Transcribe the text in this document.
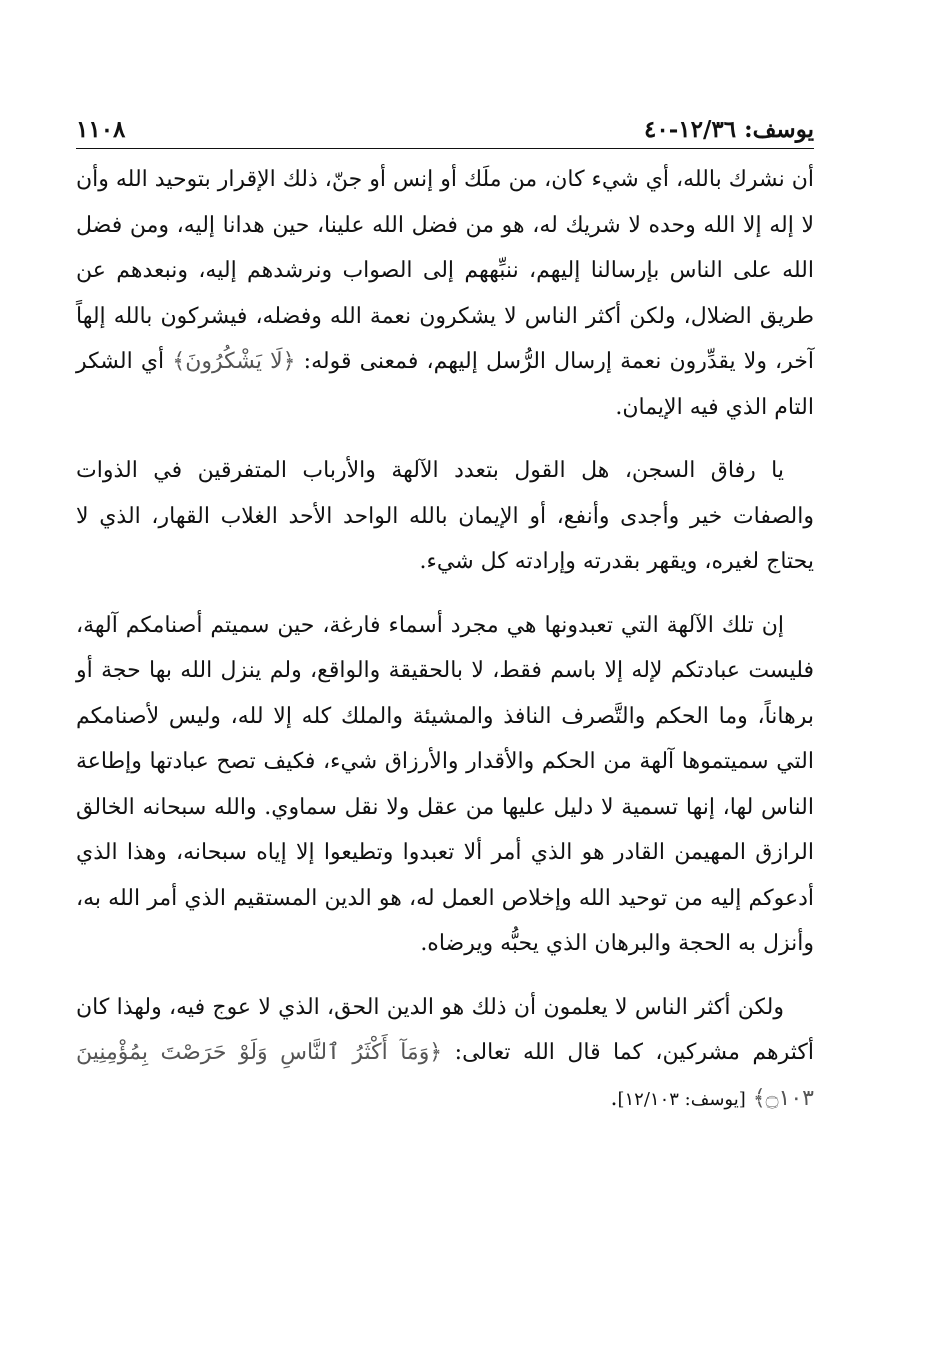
يوسف: ١٢/٣٦-٤٠
١١٠٨

أن نشرك بالله، أي شيء كان، من ملَك أو إنس أو جنّ، ذلك الإقرار بتوحيد الله وأن لا إله إلا الله وحده لا شريك له، هو من فضل الله علينا، حين هدانا إليه، ومن فضل الله على الناس بإرسالنا إليهم، ننبِّههم إلى الصواب ونرشدهم إليه، ونبعدهم عن طريق الضلال، ولكن أكثر الناس لا يشكرون نعمة الله وفضله، فيشركون بالله إلهاً آخر، ولا يقدِّرون نعمة إرسال الرُّسل إليهم، فمعنى قوله: ﴿لَا يَشْكُرُونَ﴾ أي الشكر التام الذي فيه الإيمان.

يا رفاق السجن، هل القول بتعدد الآلهة والأرباب المتفرقين في الذوات والصفات خير وأجدى وأنفع، أو الإيمان بالله الواحد الأحد الغلاب القهار، الذي لا يحتاج لغيره، ويقهر بقدرته وإرادته كل شيء.

إن تلك الآلهة التي تعبدونها هي مجرد أسماء فارغة، حين سميتم أصنامكم آلهة، فليست عبادتكم لإله إلا باسم فقط، لا بالحقيقة والواقع، ولم ينزل الله بها حجة أو برهاناً، وما الحكم والتَّصرف النافذ والمشيئة والملك كله إلا لله، وليس لأصنامكم التي سميتموها آلهة من الحكم والأقدار والأرزاق شيء، فكيف تصح عبادتها وإطاعة الناس لها، إنها تسمية لا دليل عليها من عقل ولا نقل سماوي. والله سبحانه الخالق الرازق المهيمن القادر هو الذي أمر ألا تعبدوا وتطيعوا إلا إياه سبحانه، وهذا الذي أدعوكم إليه من توحيد الله وإخلاص العمل له، هو الدين المستقيم الذي أمر الله به، وأنزل به الحجة والبرهان الذي يحبُّه ويرضاه.

ولكن أكثر الناس لا يعلمون أن ذلك هو الدين الحق، الذي لا عوج فيه، ولهذا كان أكثرهم مشركين، كما قال الله تعالى: ﴿وَمَآ أَكْثَرُ ٱلنَّاسِ وَلَوْ حَرَصْتَ بِمُؤْمِنِينَ ۝١٠٣﴾ [يوسف: ١٢/١٠٣].
